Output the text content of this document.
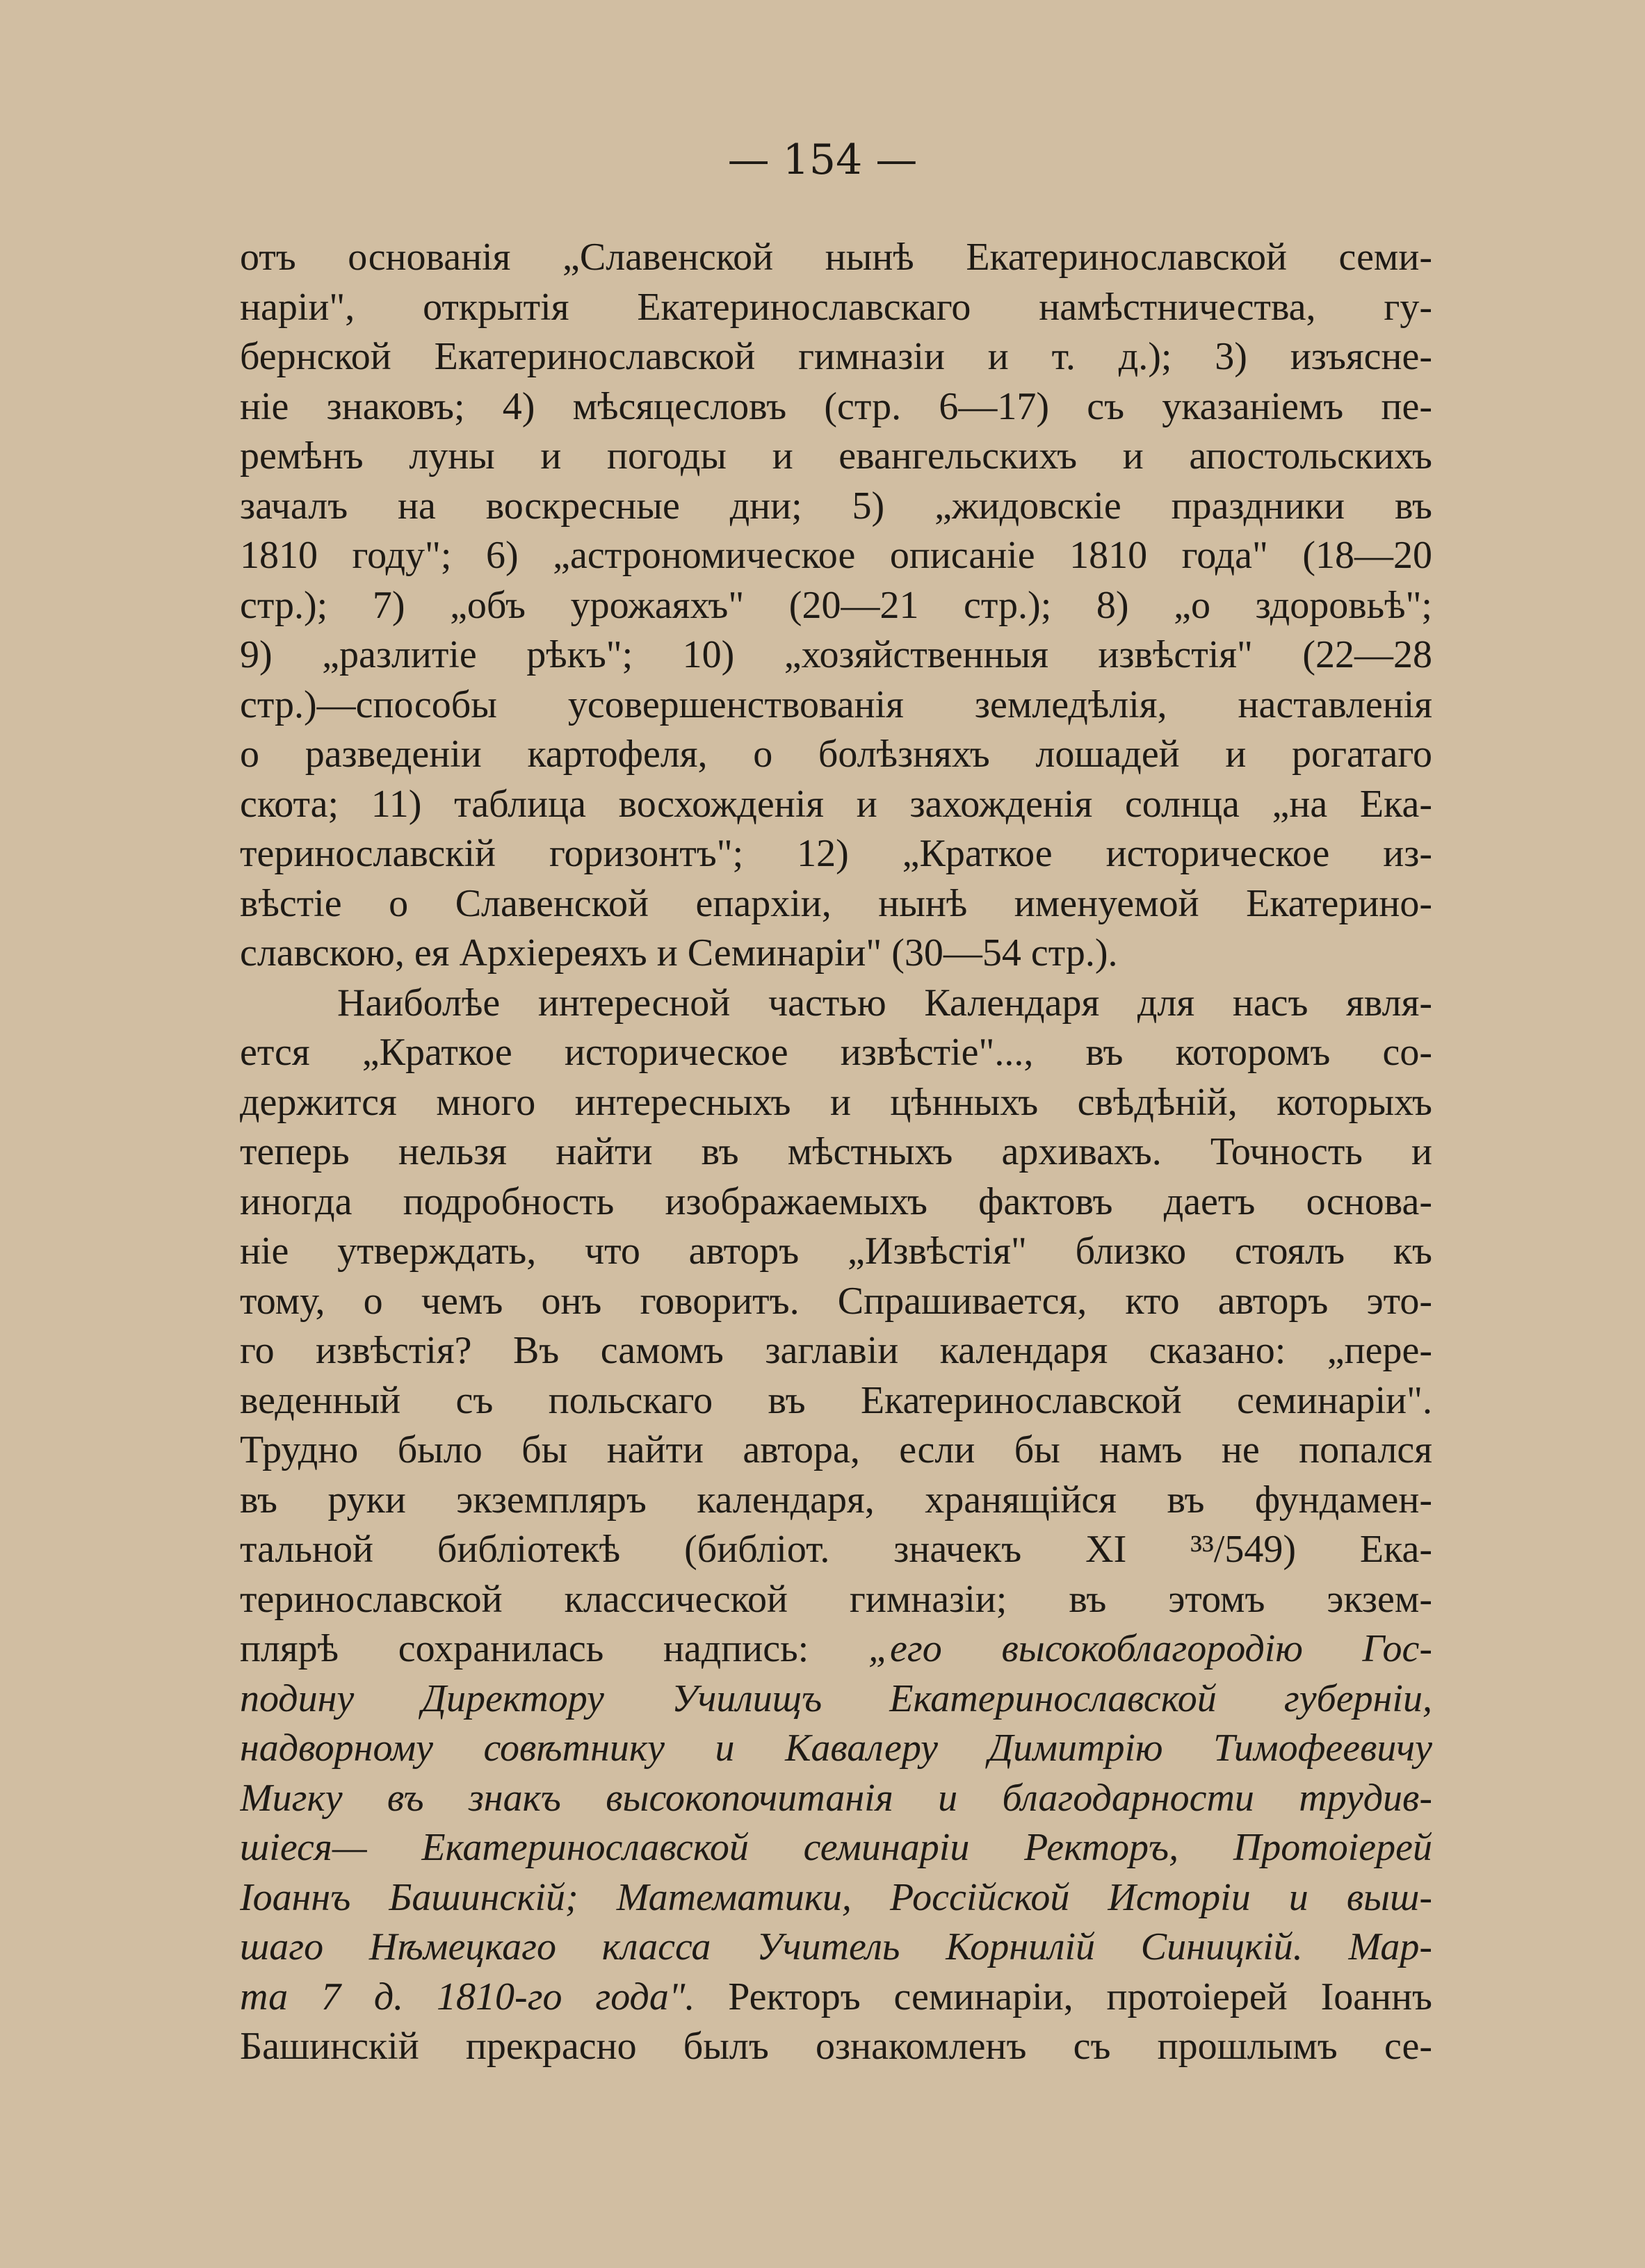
— 154 —
отъ основанія „Славенской нынѣ Екатеринославской семи-
наріи", открытія Екатеринославскаго намѣстничества, гу-
бернской Екатеринославской гимназіи и т. д.); 3) изъясне-
ніе знаковъ; 4) мѣсяцесловъ (стр. 6—17) съ указаніемъ пе-
ремѣнъ луны и погоды и евангельскихъ и апостольскихъ
зачалъ на воскресные дни; 5) „жидовскіе праздники въ
1810 году"; 6) „астрономическое описаніе 1810 года" (18—20
стр.); 7) „объ урожаяхъ" (20—21 стр.); 8) „о здоровьѣ";
9) „разлитіе рѣкъ"; 10) „хозяйственныя извѣстія" (22—28
стр.)—способы усовершенствованія земледѣлія, наставленія
о разведеніи картофеля, о болѣзняхъ лошадей и рогатаго
скота; 11) таблица восхожденія и захожденія солнца „на Ека-
теринославскій горизонтъ"; 12) „Краткое историческое из-
вѣстіе о Славенской епархіи, нынѣ именуемой Екатерино-
славскою, ея Архіереяхъ и Семинаріи" (30—54 стр.).
Наиболѣе интересной частью Календаря для насъ явля-
ется „Краткое историческое извѣстіе"..., въ которомъ со-
держится много интересныхъ и цѣнныхъ свѣдѣній, которыхъ
теперь нельзя найти въ мѣстныхъ архивахъ. Точность и
иногда подробность изображаемыхъ фактовъ даетъ основа-
ніе утверждать, что авторъ „Извѣстія" близко стоялъ къ
тому, о чемъ онъ говоритъ. Спрашивается, кто авторъ это-
го извѣстія? Въ самомъ заглавіи календаря сказано: „пере-
веденный съ польскаго въ Екатеринославской семинаріи".
Трудно было бы найти автора, если бы намъ не попался
въ руки экземпляръ календаря, хранящійся въ фундамен-
тальной библіотекѣ (библіот. значекъ XI ³³/549) Ека-
теринославской классической гимназіи; въ этомъ экзем-
плярѣ сохранилась надпись: „его высокоблагородію Гос-
подину Директору Училищъ Екатеринославской губерніи,
надворному совѣтнику и Кавалеру Димитрію Тимофеевичу
Мигку въ знакъ высокопочитанія и благодарности трудив-
шіеся— Екатеринославской семинаріи Ректоръ, Протоіерей
Іоаннъ Башинскій; Математики, Россійской Исторіи и выш-
шаго Нѣмецкаго класса Учитель Корнилій Синицкій. Мар-
та 7 д. 1810-го года". Ректоръ семинаріи, протоіерей Іоаннъ
Башинскій прекрасно былъ ознакомленъ съ прошлымъ се-
